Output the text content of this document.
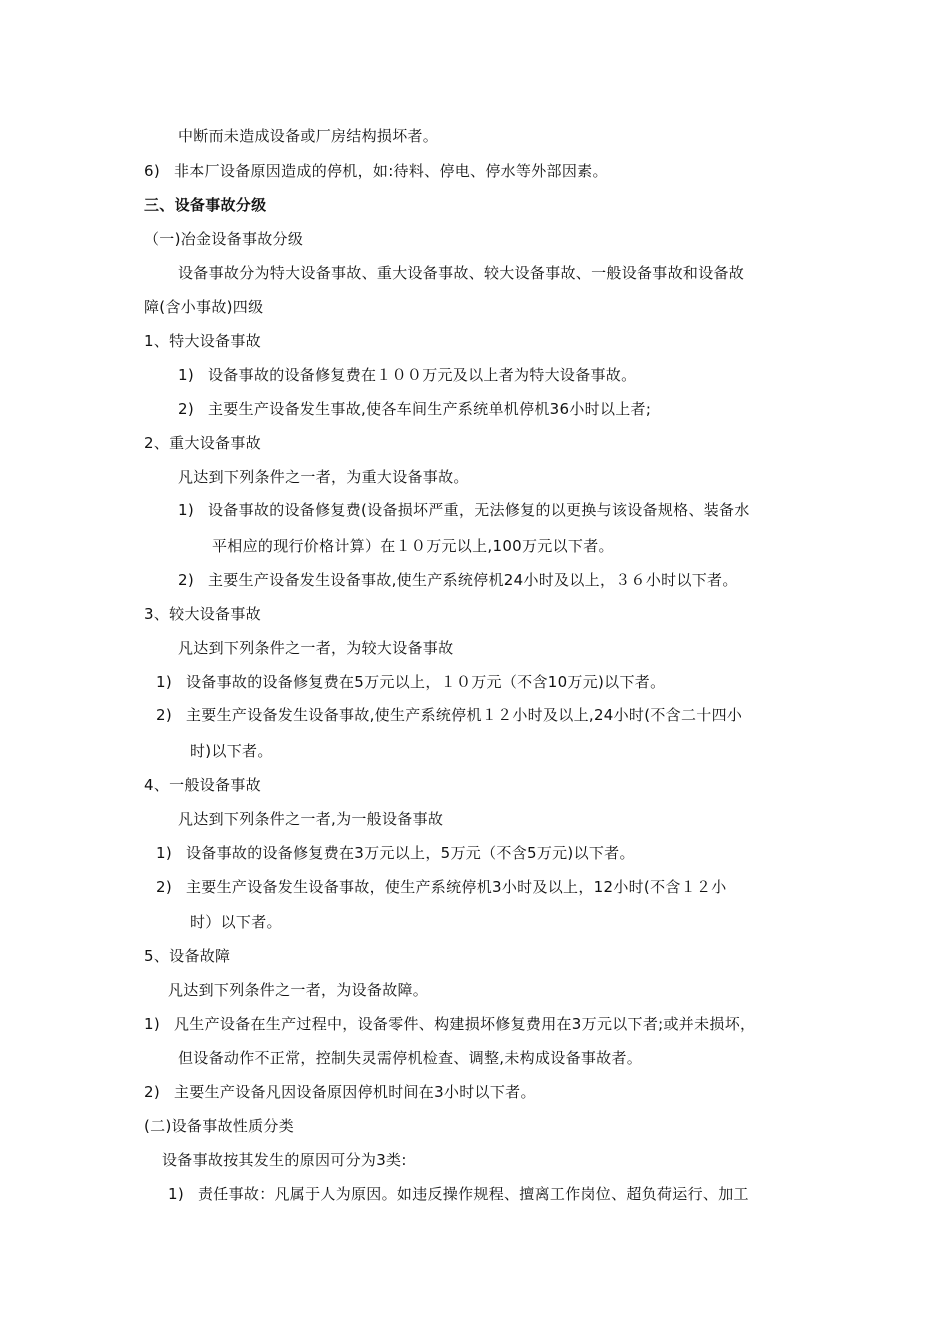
中断而未造成设备或厂房结构损坏者。
6) 非本厂设备原因造成的停机，如:待料、停电、停水等外部因素。
三、设备事故分级
（一)冶金设备事故分级
设备事故分为特大设备事故、重大设备事故、较大设备事故、一般设备事故和设备故
障(含小事故)四级
1、特大设备事故
1) 设备事故的设备修复费在１００万元及以上者为特大设备事故。
2) 主要生产设备发生事故,使各车间生产系统单机停机36小时以上者;
2、重大设备事故
凡达到下列条件之一者，为重大设备事故。
1) 设备事故的设备修复费(设备损坏严重，无法修复的以更换与该设备规格、装备水
平相应的现行价格计算）在１０万元以上,100万元以下者。
2) 主要生产设备发生设备事故,使生产系统停机24小时及以上，３６小时以下者。
3、较大设备事故
凡达到下列条件之一者，为较大设备事故
1) 设备事故的设备修复费在5万元以上，１０万元（不含10万元)以下者。
2) 主要生产设备发生设备事故,使生产系统停机１２小时及以上,24小时(不含二十四小
时)以下者。
4、一般设备事故
凡达到下列条件之一者,为一般设备事故
1) 设备事故的设备修复费在3万元以上，5万元（不含5万元)以下者。
2) 主要生产设备发生设备事故，使生产系统停机3小时及以上，12小时(不含１２小
时）以下者。
5、设备故障
凡达到下列条件之一者，为设备故障。
1) 凡生产设备在生产过程中，设备零件、构建损坏修复费用在3万元以下者;或并未损坏，
但设备动作不正常，控制失灵需停机检查、调整,未构成设备事故者。
2) 主要生产设备凡因设备原因停机时间在3小时以下者。
(二)设备事故性质分类
设备事故按其发生的原因可分为3类:
1) 责任事故：凡属于人为原因。如违反操作规程、擅离工作岗位、超负荷运行、加工
